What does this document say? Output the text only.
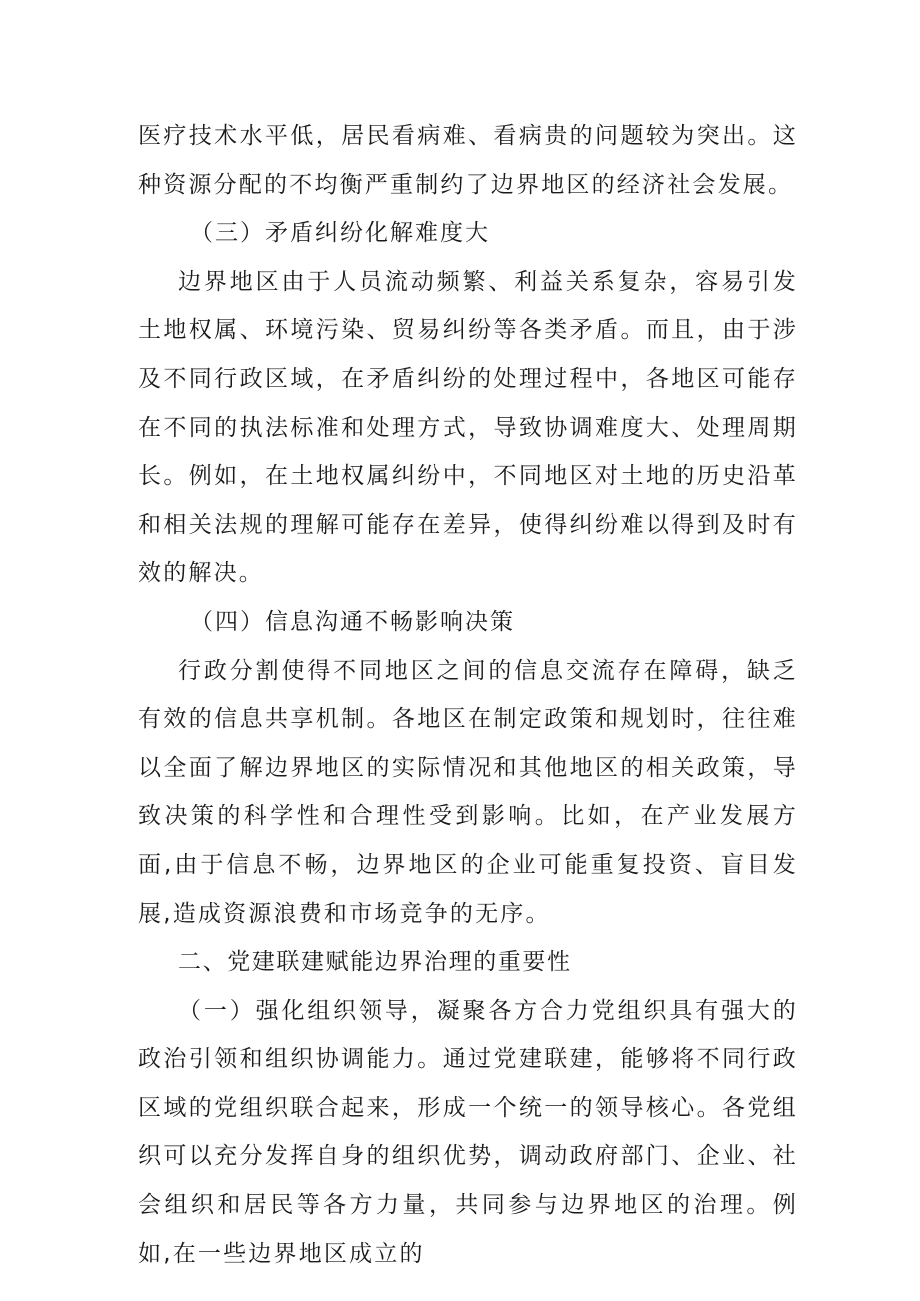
医疗技术水平低，居民看病难、看病贵的问题较为突出。这种资源分配的不均衡严重制约了边界地区的经济社会发展。

（三）矛盾纠纷化解难度大

边界地区由于人员流动频繁、利益关系复杂，容易引发土地权属、环境污染、贸易纠纷等各类矛盾。而且，由于涉及不同行政区域，在矛盾纠纷的处理过程中，各地区可能存在不同的执法标准和处理方式，导致协调难度大、处理周期长。例如，在土地权属纠纷中，不同地区对土地的历史沿革和相关法规的理解可能存在差异，使得纠纷难以得到及时有效的解决。

（四）信息沟通不畅影响决策

行政分割使得不同地区之间的信息交流存在障碍，缺乏有效的信息共享机制。各地区在制定政策和规划时，往往难以全面了解边界地区的实际情况和其他地区的相关政策，导致决策的科学性和合理性受到影响。比如，在产业发展方面,由于信息不畅，边界地区的企业可能重复投资、盲目发展,造成资源浪费和市场竞争的无序。

二、党建联建赋能边界治理的重要性

（一）强化组织领导，凝聚各方合力党组织具有强大的政治引领和组织协调能力。通过党建联建，能够将不同行政区域的党组织联合起来，形成一个统一的领导核心。各党组织可以充分发挥自身的组织优势，调动政府部门、企业、社会组织和居民等各方力量，共同参与边界地区的治理。例如,在一些边界地区成立的
